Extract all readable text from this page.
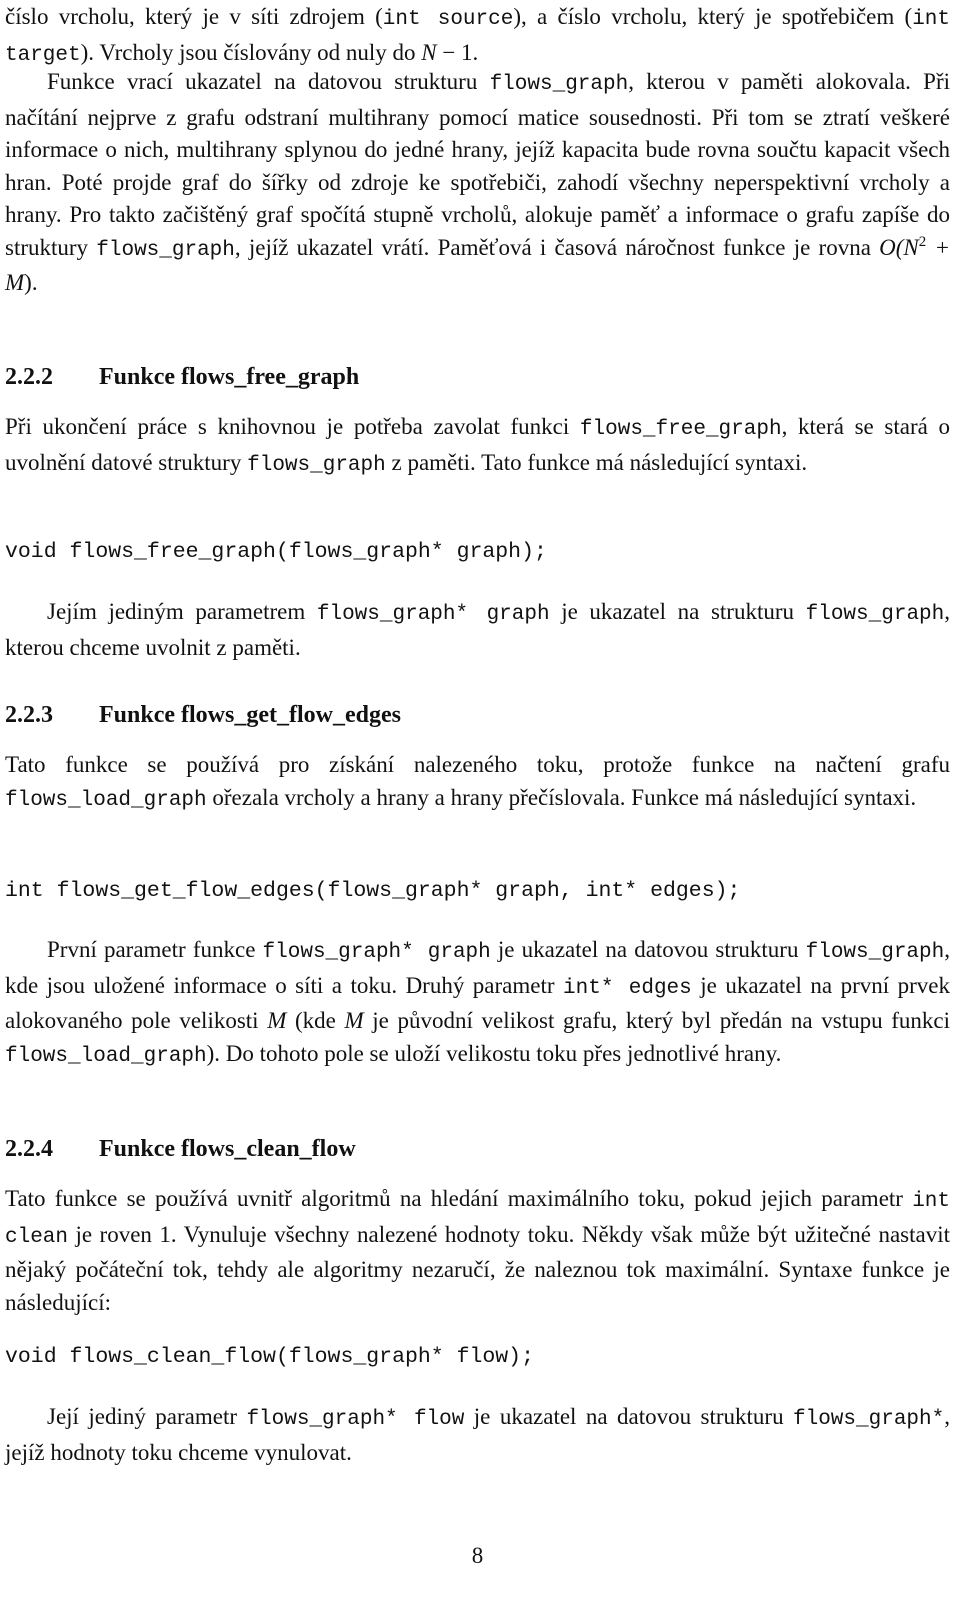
číslo vrcholu, který je v síti zdrojem (int source), a číslo vrcholu, který je spotřebičem (int target). Vrcholy jsou číslovány od nuly do N − 1.

Funkce vrací ukazatel na datovou strukturu flows_graph, kterou v paměti alokovala. Při načítání nejprve z grafu odstraní multihrany pomocí matice sousednosti. Při tom se ztratí veškeré informace o nich, multihrany splynou do jedné hrany, jejíž kapacita bude rovna součtu kapacit všech hran. Poté projde graf do šířky od zdroje ke spotřebiči, zahodí všechny neperspektivní vrcholy a hrany. Pro takto začištěný graf spočítá stupně vrcholů, alokuje paměť a informace o grafu zapíše do struktury flows_graph, jejíž ukazatel vrátí. Paměťová i časová náročnost funkce je rovna $O(N^2 + M)$.

2.2.2 Funkce flows_free_graph

Při ukončení práce s knihovnou je potřeba zavolat funkci flows_free_graph, která se stará o uvolnění datové struktury flows_graph z paměti. Tato funkce má následující syntaxi.

void flows_free_graph(flows_graph* graph);

Jejím jediným parametrem flows_graph* graph je ukazatel na strukturu flows_graph, kterou chceme uvolnit z paměti.

2.2.3 Funkce flows_get_flow_edges

Tato funkce se používá pro získání nalezeného toku, protože funkce na načtení grafu flows_load_graph ořezala vrcholy a hrany a hrany přečíslovala. Funkce má následující syntaxi.

int flows_get_flow_edges(flows_graph* graph, int* edges);

První parametr funkce flows_graph* graph je ukazatel na datovou strukturu flows_graph, kde jsou uložené informace o síti a toku. Druhý parametr int* edges je ukazatel na první prvek alokovaného pole velikosti M (kde M je původní velikost grafu, který byl předán na vstupu funkci flows_load_graph). Do tohoto pole se uloží velikostu toku přes jednotlivé hrany.

2.2.4 Funkce flows_clean_flow

Tato funkce se používá uvnitř algoritmů na hledání maximálního toku, pokud jejich parametr int clean je roven 1. Vynuluje všechny nalezené hodnoty toku. Někdy však může být užitečné nastavit nějaký počáteční tok, tehdy ale algoritmy nezaručí, že naleznou tok maximální. Syntaxe funkce je následující:

void flows_clean_flow(flows_graph* flow);

Její jediný parametr flows_graph* flow je ukazatel na datovou strukturu flows_graph*, jejíž hodnoty toku chceme vynulovat.

8
